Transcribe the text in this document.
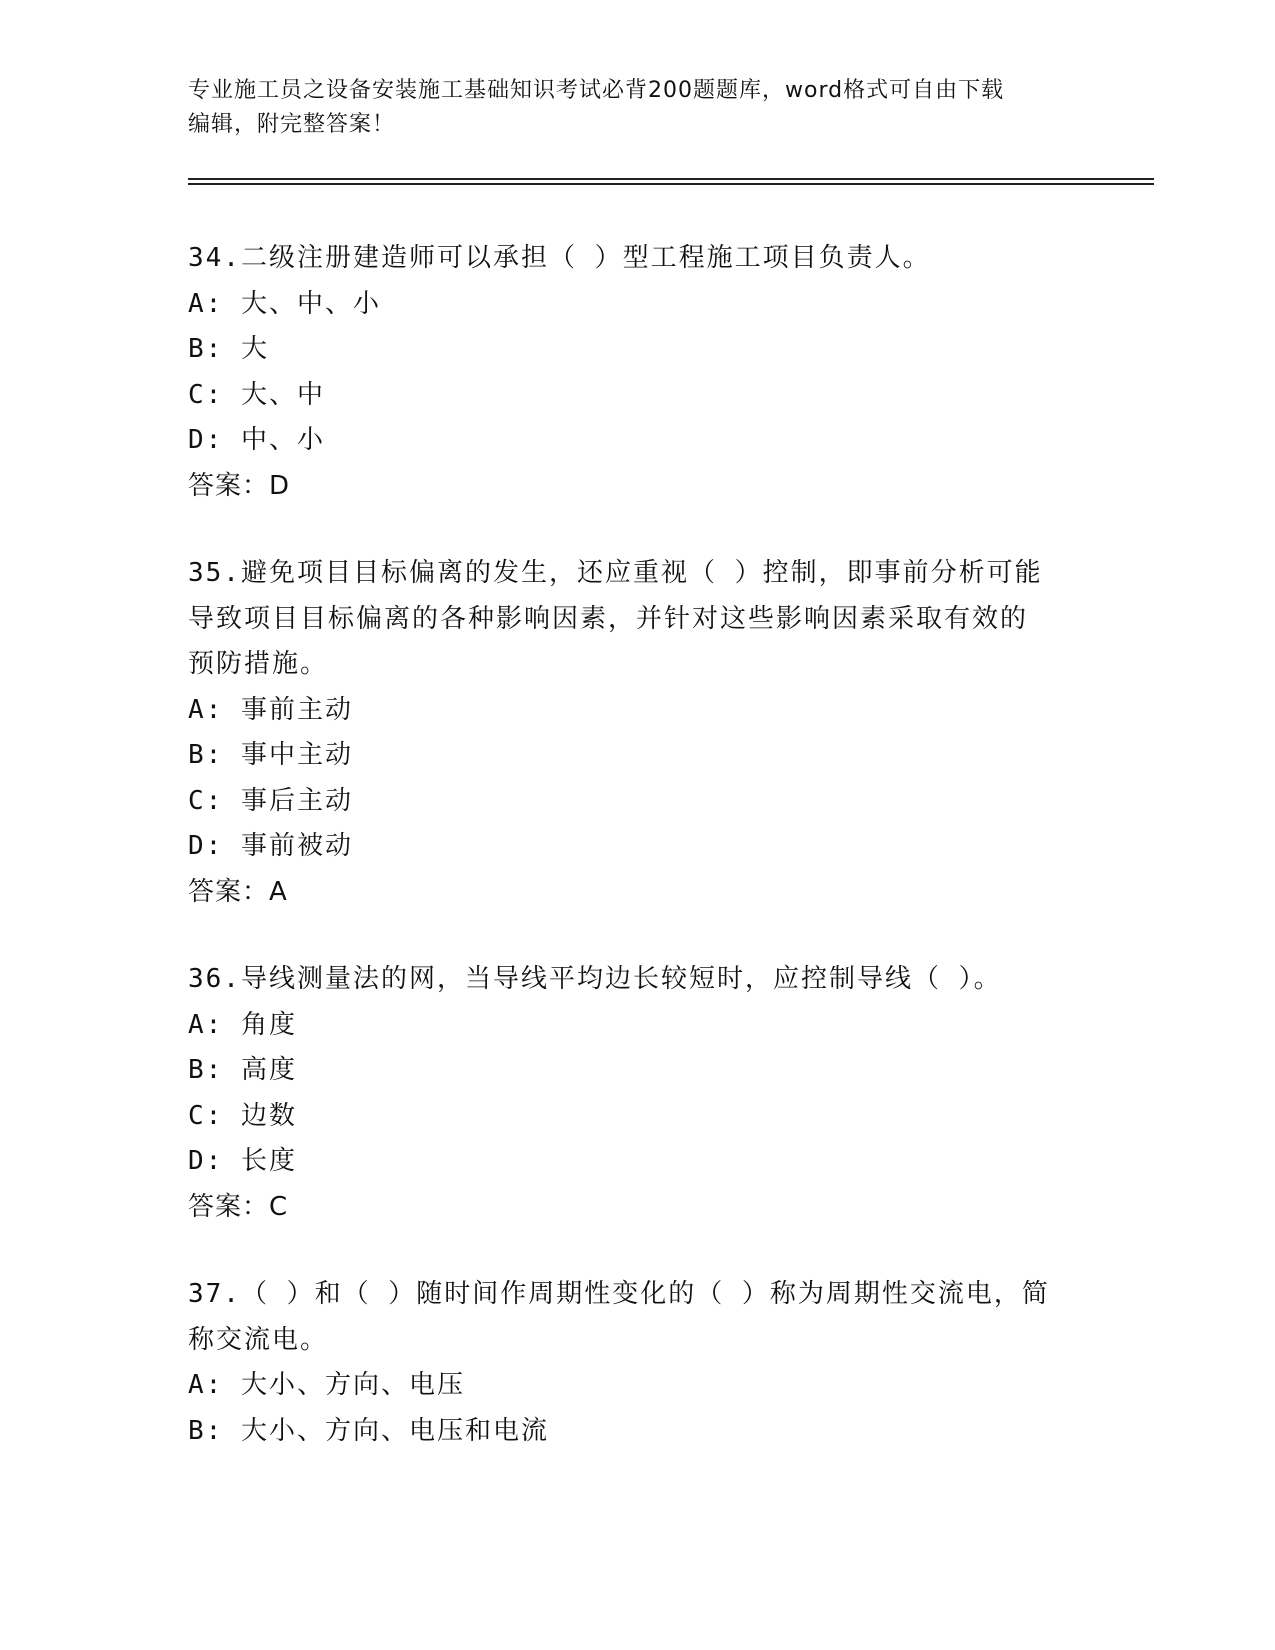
专业施工员之设备安装施工基础知识考试必背200题题库，word格式可自由下载
编辑，附完整答案！

34.二级注册建造师可以承担（ ）型工程施工项目负责人。

A: 大、中、小

B: 大

C: 大、中

D: 中、小

答案：D

35.避免项目目标偏离的发生，还应重视（ ）控制，即事前分析可能

导致项目目标偏离的各种影响因素，并针对这些影响因素采取有效的

预防措施。

A: 事前主动

B: 事中主动

C: 事后主动

D: 事前被动

答案：A

36.导线测量法的网，当导线平均边长较短时，应控制导线（ ）。

A: 角度

B: 高度

C: 边数

D: 长度

答案：C

37.（ ）和（ ）随时间作周期性变化的（ ）称为周期性交流电，简

称交流电。

A: 大小、方向、电压

B: 大小、方向、电压和电流
